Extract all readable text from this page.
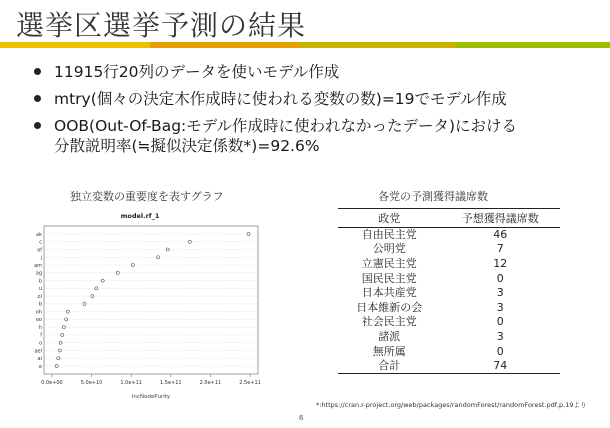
選挙区選挙予測の結果
11915行20列のデータを使いモデル作成
mtry(個々の決定木作成時に使われる変数の数)=19でモデル作成
OOB(Out-Of-Bag:モデル作成時に使われなかったデータ)における
分散説明率(≒擬似決定係数*)=92.6%
独立変数の重要度を表すグラフ
model.rf_1
ak
c
af
j
am
ag
b
u
ol
b
oh
oo
h
f
o
ael
ai
e
0.0e+00	5.0e+10	1.0e+11	1.5e+11	2.0e+11	2.5e+11
IncNodePurity
各党の予測獲得議席数
政党	予想獲得議席数
自由民主党	46
公明党	7
立憲民主党	12
国民民主党	0
日本共産党	3
日本維新の会	3
社会民主党	0
諸派	3
無所属	0
合計	74
*:https://cran.r-project.org/web/packages/randomForest/randomForest.pdf,p.19より
6
